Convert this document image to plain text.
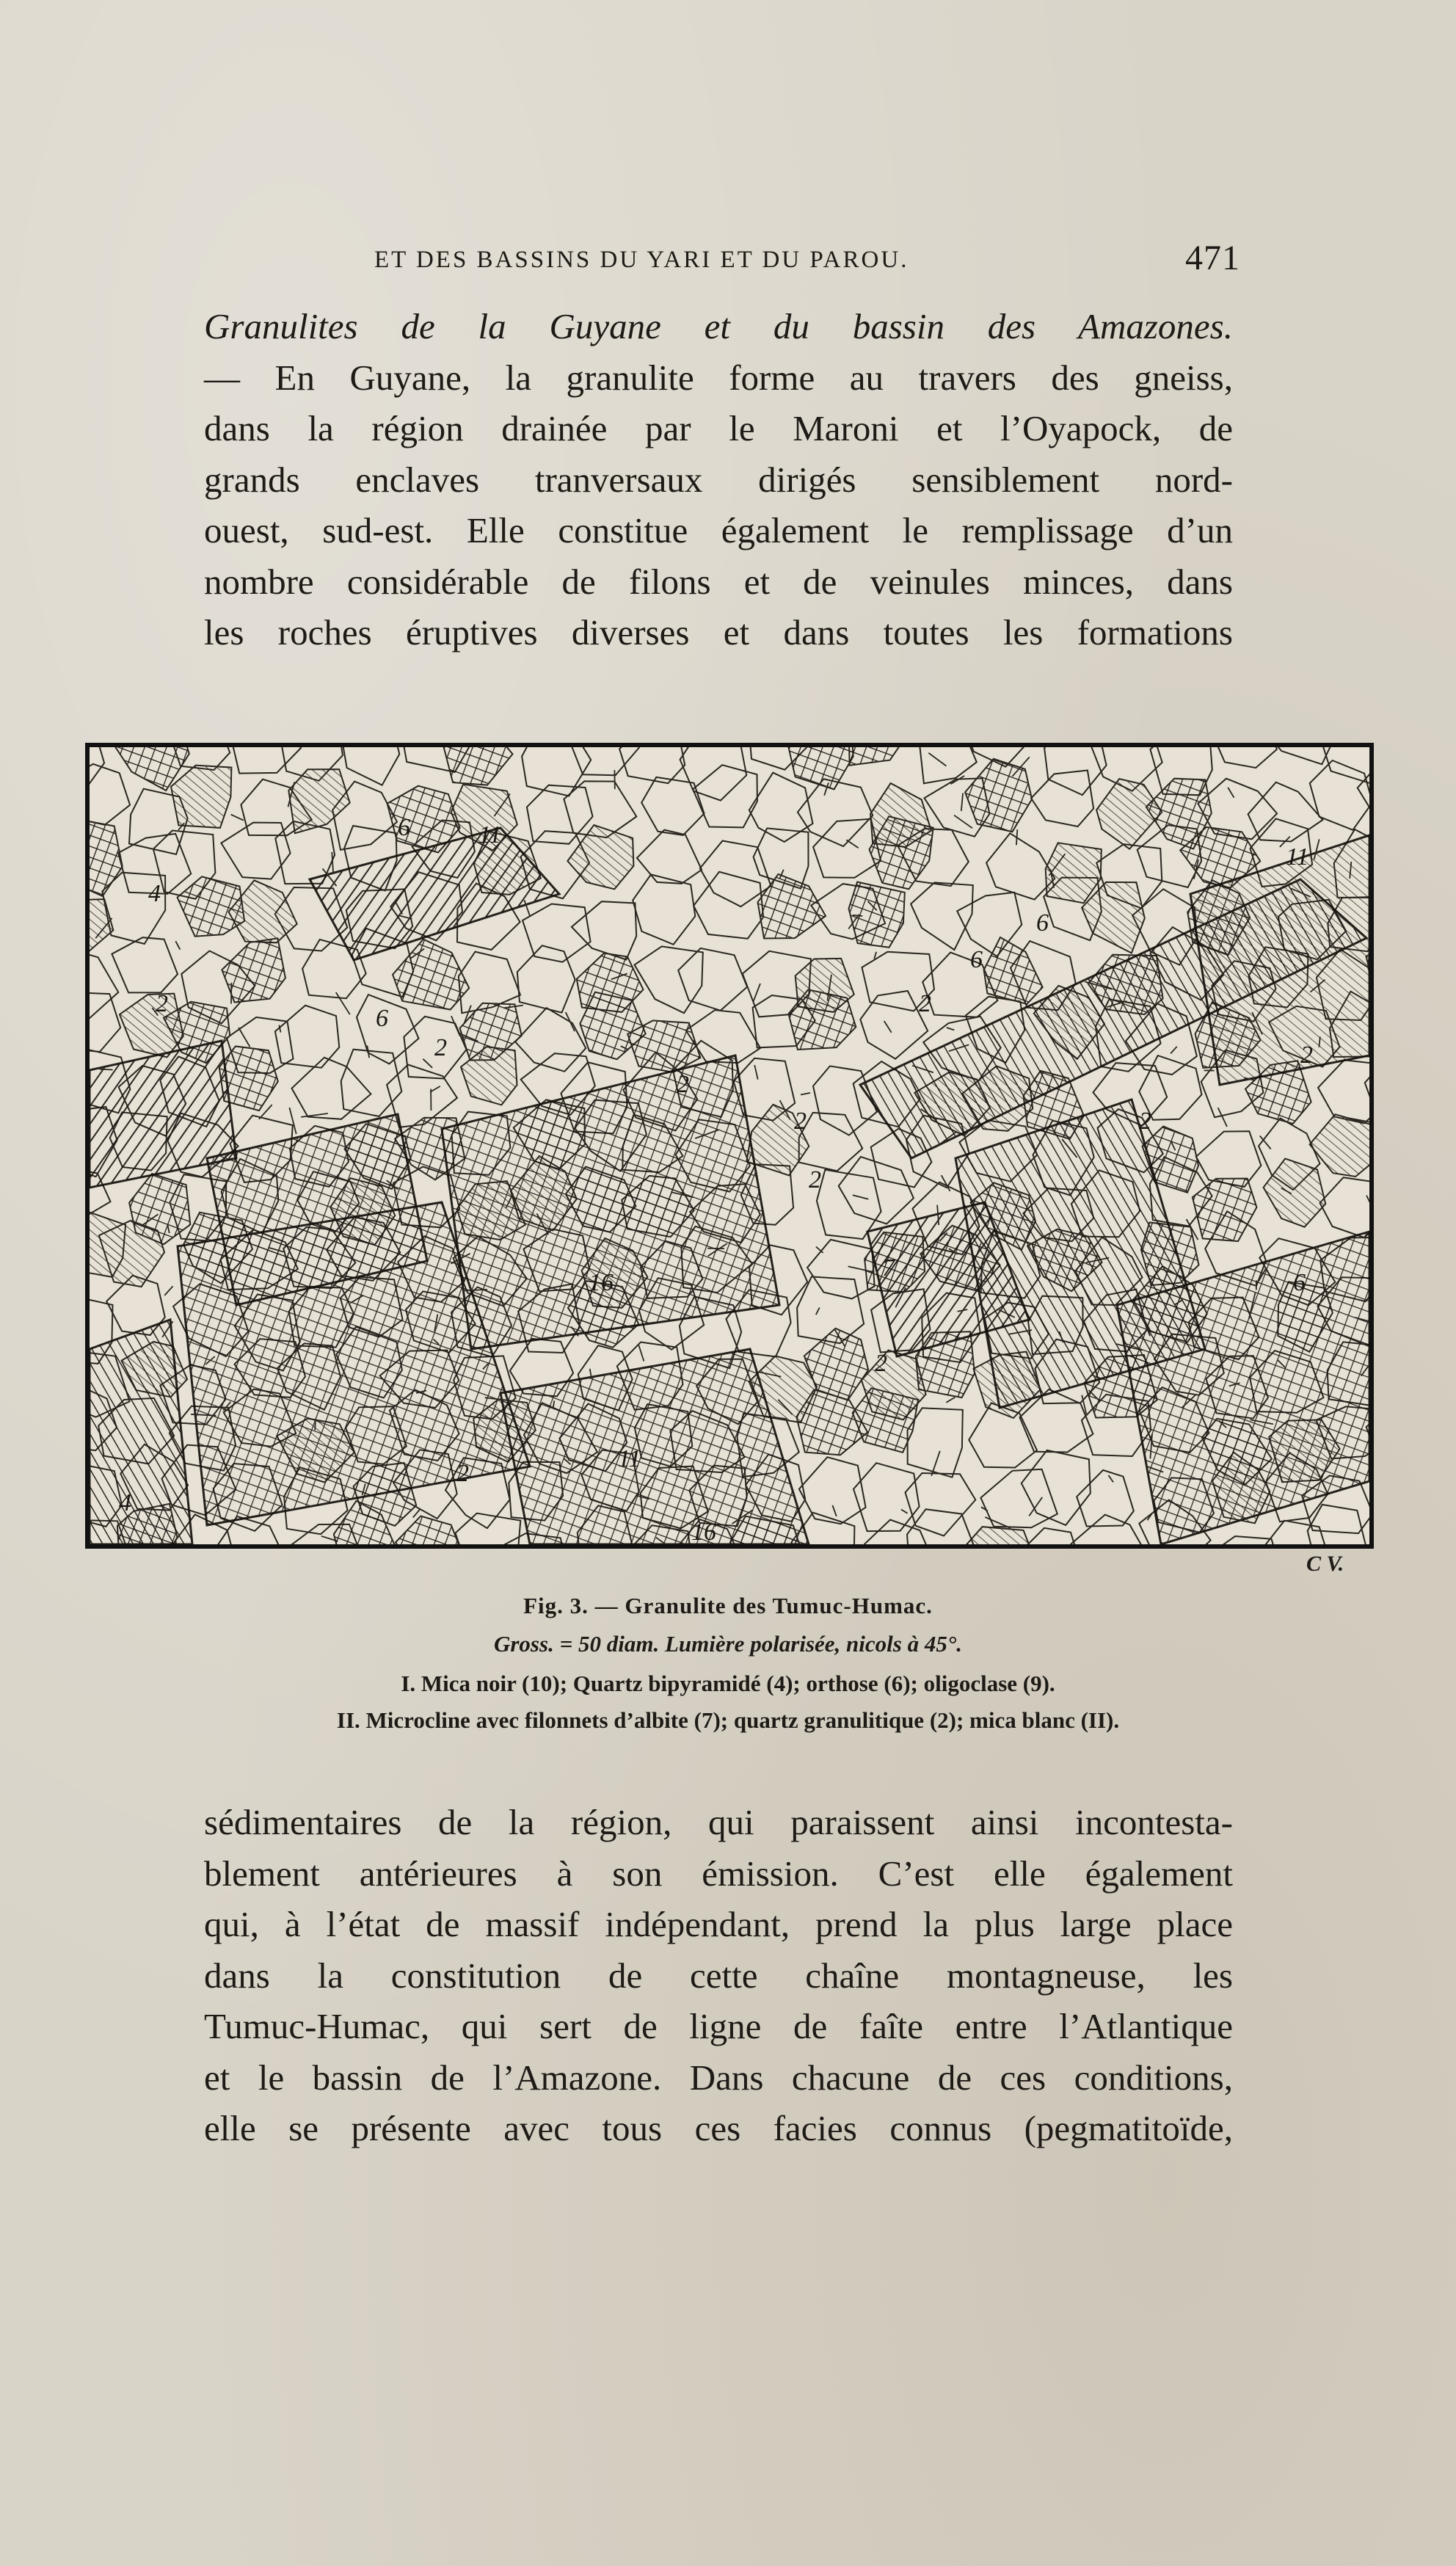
ET DES BASSINS DU YARI ET DU PAROU.	471
Granulites de la Guyane et du bassin des Amazones.
— En Guyane, la granulite forme au travers des gneiss,
dans la région drainée par le Maroni et l’Oyapock, de
grands enclaves tranversaux dirigés sensiblement nord-
ouest, sud-est. Elle constitue également le remplissage d’un
nombre considérable de filons et de veinules minces, dans
les roches éruptives diverses et dans toutes les formations
4
6	11
2
6
2
2
6
2
2	2
16
2
7
2
6
11
2
11
16
6
2
4
C V.
Fig. 3. — Granulite des Tumuc-Humac.
Gross. = 50 diam. Lumière polarisée, nicols à 45°.
I. Mica noir (10); Quartz bipyramidé (4); orthose (6); oligoclase (9).
II. Microcline avec filonnets d’albite (7); quartz granulitique (2); mica blanc (II).
sédimentaires de la région, qui paraissent ainsi incontesta-
blement antérieures à son émission. C’est elle également
qui, à l’état de massif indépendant, prend la plus large place
dans la constitution de cette chaîne montagneuse, les
Tumuc-Humac, qui sert de ligne de faîte entre l’Atlantique
et le bassin de l’Amazone. Dans chacune de ces conditions,
elle se présente avec tous ces facies connus (pegmatitoïde,
